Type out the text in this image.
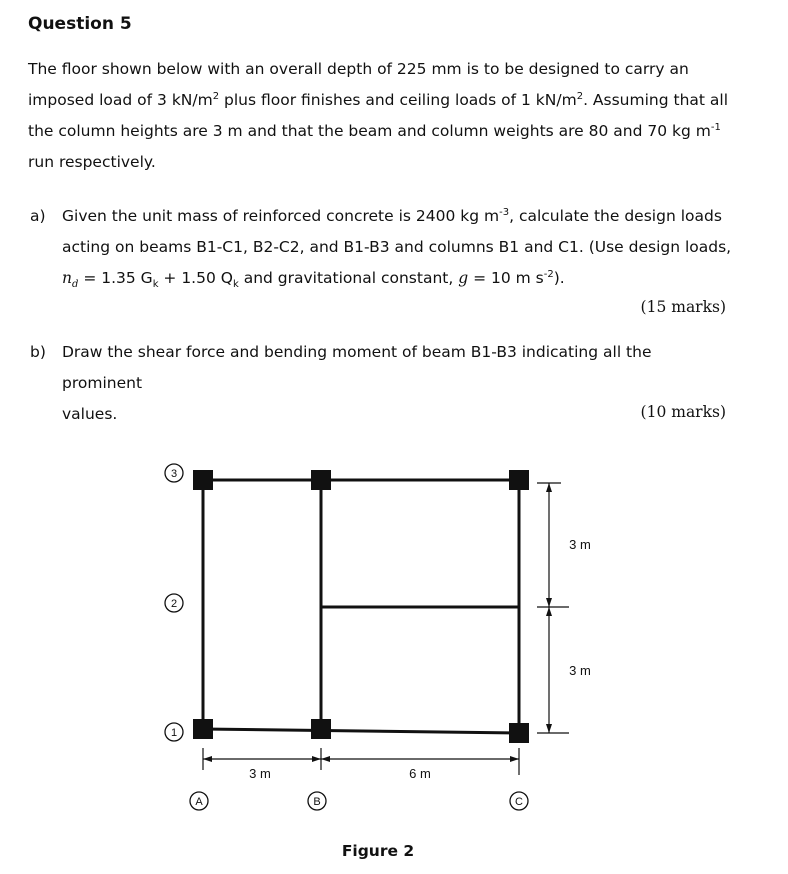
Question 5
The floor shown below with an overall depth of 225 mm is to be designed to carry an
imposed load of 3 $kN/m^2$ plus floor finishes and ceiling loads of 1 $kN/m^2$. Assuming that all
the column heights are 3 m and that the beam and column weights are 80 and 70 kg $m^{-1}$
run respectively.
a) Given the unit mass of reinforced concrete is 2400 kg $m^{-3}$, calculate the design loads
acting on beams B1-C1, B2-C2, and B1-B3 and columns B1 and C1. (Use design loads,
$n_d = 1.35$ $G_k + 1.50$ $Q_k$ and gravitational constant, g = 10 m $s^{-2}$).
(15 marks)
b) Draw the shear force and bending moment of beam B1-B3 indicating all the prominent
values.	(10 marks)
3
2
1
A	B	C
3 m	6 m
3 m
3 m
Figure 2
